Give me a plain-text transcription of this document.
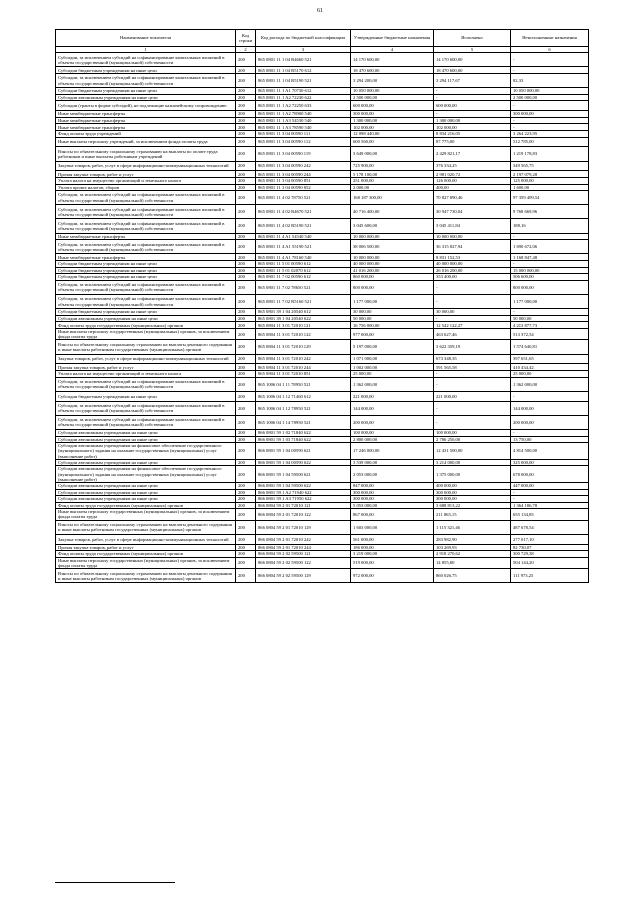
61
Наименование показателя	Код строки	Код расхода по бюджетной классификации	Утвержденные бюджетные назначения	Исполнено	Неисполненные назначения
1	2	3	4	5	6
Субсидии, за исключением субсидий на софинансирование капитальных вложений в объекты государственной (муниципальной) собственности	200	865 0801 11 1 04 R4660 521	14 170 600,00	14 170 600,00	-
Субсидии бюджетным учреждениям на иные цели	200	865 0801 11 1 04 R5170 612	18 470 600,00	18 470 600,00	-
Субсидии, за исключением субсидий на софинансирование капитальных вложений в объекты государственной (муниципальной) собственности	200	865 0801 11 1 04 R5190 521	3 294 200,00	3 294 117,67	82,33
Субсидии бюджетным учреждениям на иные цели	200	865 0801 11 1 A1 70730 612	10 050 000,00	-	10 050 000,00
Субсидии автономным учреждениям на иные цели	200	865 0801 11 1 A2 72230 622	2 500 000,00	-	2 500 000,00
Субсидии (гранты в форме субсидий), не подлежащие казначейскому сопровождению	200	865 0801 11 1 A2 72250 633	600 000,00	600 000,00	-
Иные межбюджетные трансферты	200	865 0801 11 1 A2 78900 540	300 000,00	-	300 000,00
Иные межбюджетные трансферты	200	865 0801 11 1 A3 54530 540	1 300 000,00	1 300 000,00	-
Иные межбюджетные трансферты	200	865 0801 11 1 A3 78590 540	102 000,00	102 000,00	-
Фонд оплаты труда учреждений	200	865 0801 11 3 04 00590 111	12 098 440,00	8 834 216,05	3 264 223,95
Иные выплаты персоналу учреждений, за исключением фонда оплаты труда	200	865 0801 11 3 04 00590 112	600 560,00	87 775,00	512 785,00
Взносы по обязательному социальному страхованию на выплаты по оплате труда работников и иные выплаты работникам учреждений	200	865 0801 11 3 04 00590 119	3 649 000,00	2 429 821,17	1 219 178,83
Закупка товаров, работ, услуг в сфере информационно-коммуникационных технологий	200	865 0801 11 3 04 00590 242	725 900,00	376 334,25	349 565,75
Прочая закупка товаров, работ и услуг	200	865 0801 11 3 04 00590 244	5 178 100,00	2 981 020,72	2 197 079,28
Уплата налога на имущество организаций и земельного налога	200	865 0801 11 3 04 00590 851	251 000,00	126 000,00	125 000,00
Уплата прочих налогов, сборов	200	865 0801 11 3 04 00590 852	2 000,00	400,00	1 600,00
Субсидии, за исключением субсидий на софинансирование капитальных вложений в объекты государственной (муниципальной) собственности	200	865 0801 11 4 02 78750 521	168 187 300,00	70 827 890,46	97 359 409,54
Субсидии, за исключением субсидий на софинансирование капитальных вложений в объекты государственной (муниципальной) собственности	200	865 0801 11 4 02 R4670 521	40 716 400,00	30 947 730,04	9 768 669,96
Субсидии, за исключением субсидий на софинансирование капитальных вложений в объекты государственной (муниципальной) собственности	200	865 0801 11 4 02 R5190 521	3 045 600,00	3 045 411,84	188,16
Иные межбюджетные трансферты	200	865 0801 11 4 A1 54540 540	10 000 000,00	10 000 000,00	-
Субсидии, за исключением субсидий на софинансирование капитальных вложений в объекты государственной (муниципальной) собственности	200	865 0801 11 4 A1 55190 521	38 006 500,00	36 315 827,94	1 690 672,06
Иные межбюджетные трансферты	200	865 0801 11 4 A1 78160 540	10 000 000,00	8 831 152,53	1 168 847,48
Субсидии бюджетным учреждениям на иные цели	200	865 0801 11 5 01 00590 612	40 000 000,00	40 000 000,00	-
Субсидии бюджетным учреждениям на иные цели	200	865 0801 11 5 01 02070 612	41 016 200,00	26 016 200,00	15 000 000,00
Субсидии бюджетным учреждениям на иные цели	200	865 0801 11 7 02 00590 612	860 000,00	353 400,00	506 600,00
Субсидии, за исключением субсидий на софинансирование капитальных вложений в объекты государственной (муниципальной) собственности	200	865 0801 11 7 02 78650 521	800 000,00	-	800 000,00
Субсидии, за исключением субсидий на софинансирование капитальных вложений в объекты государственной (муниципальной) собственности	200	865 0801 11 7 02 R5160 521	1 177 000,00	-	1 177 000,00
Субсидии бюджетным учреждениям на иные цели	200	865 0801 39 1 04 20540 612	30 000,00	30 000,00	-
Субсидии автономным учреждениям на иные цели	200	865 0801 39 1 04 20540 622	50 000,00	-	50 000,00
Фонд оплаты труда государственных (муниципальных) органов	200	865 0804 11 3 01 72010 121	16 756 000,00	12 542 122,27	4 213 877,73
Иные выплаты персоналу государственных (муниципальных) органов, за исключением фонда оплаты труда	200	865 0804 11 3 01 72010 122	977 000,00	463 627,46	513 372,54
Взносы по обязательному социальному страхованию на выплаты денежного содержания и иные выплаты работникам государственных (муниципальных) органов	200	865 0804 11 3 01 72010 129	5 197 000,00	3 622 359,19	1 574 640,81
Закупка товаров, работ, услуг в сфере информационно-коммуникационных технологий	200	865 0804 11 3 01 72010 242	1 071 000,00	673 348,35	397 651,65
Прочая закупка товаров, работ и услуг	200	865 0804 11 3 01 72010 244	1 002 000,00	591 565,58	410 434,42
Уплата налога на имущество организаций и земельного налога	200	865 0804 11 3 01 72010 851	25 000,00	-	25 000,00
Субсидии, за исключением субсидий на софинансирование капитальных вложений в объекты государственной (муниципальной) собственности	200	865 1006 04 1 11 78950 521	1 362 000,00	-	1 362 000,00
Субсидии бюджетным учреждениям на иные цели	200	865 1006 04 1 12 71460 612	221 000,00	221 000,00	-
Субсидии, за исключением субсидий на софинансирование капитальных вложений в объекты государственной (муниципальной) собственности	200	865 1006 04 1 12 78950 521	144 000,00	-	144 000,00
Субсидии, за исключением субсидий на софинансирование капитальных вложений в объекты государственной (муниципальной) собственности	200	865 1006 04 1 14 78950 521	200 000,00	-	200 000,00
Субсидии автономным учреждениям на иные цели	200	866 0801 59 1 02 71840 622	100 000,00	100 000,00	-
Субсидии автономным учреждениям на иные цели	200	866 0801 59 1 03 71840 622	2 800 000,00	2 786 250,00	13 750,00
Субсидии автономным учреждениям на финансовое обеспечение государственного (муниципального) задания на оказание государственных (муниципальных) услуг (выполнение работ)	200	866 0801 59 1 04 00590 621	17 246 000,00	12 431 500,00	4 814 500,00
Субсидии автономным учреждениям на иные цели	200	866 0801 59 1 04 00590 622	3 539 000,00	3 214 000,00	325 000,00
Субсидии автономным учреждениям на финансовое обеспечение государственного (муниципального) задания на оказание государственных (муниципальных) услуг (выполнение работ)	200	866 0801 59 1 04 59500 621	2 053 000,00	1 375 000,00	678 000,00
Субсидии автономным учреждениям на иные цели	200	866 0801 59 1 04 59500 622	847 000,00	400 000,00	447 000,00
Субсидии автономным учреждениям на иные цели	200	866 0801 59 1 A2 71940 622	300 000,00	300 000,00	-
Субсидии автономным учреждениям на иные цели	200	866 0801 59 1 A3 71950 622	300 000,00	300 000,00	-
Фонд оплаты труда государственных (муниципальных) органов	200	866 0804 59 2 01 72010 121	5 053 000,00	3 688 813,22	1 364 186,78
Иные выплаты персоналу государственных (муниципальных) органов, за исключением фонда оплаты труда	200	866 0804 59 2 01 72010 122	867 000,00	211 865,15	655 134,85
Взносы по обязательному социальному страхованию на выплаты денежного содержания и иные выплаты работникам государственных (муниципальных) органов	200	866 0804 59 2 01 72010 129	1 603 000,00	1 115 321,46	487 678,54
Закупка товаров, работ, услуг в сфере информационно-коммуникационных технологий	200	866 0804 59 2 01 72010 242	561 000,00	283 982,90	277 017,10
Прочая закупка товаров, работ и услуг	200	866 0804 59 2 01 72010 244	186 000,00	103 269,93	82 730,07
Фонд оплаты труда государственных (муниципальных) органов	200	866 0804 59 2 02 59500 121	3 219 000,00	2 918 270,62	300 729,38
Иные выплаты персоналу государственных (муниципальных) органов, за исключением фонда оплаты труда	200	866 0804 59 2 02 59500 122	519 000,00	14 855,80	504 144,20
Взносы по обязательному социальному страхованию на выплаты денежного содержания и иные выплаты работникам государственных (муниципальных) органов	200	866 0804 59 2 02 59500 129	972 000,00	860 026,75	111 973,25
